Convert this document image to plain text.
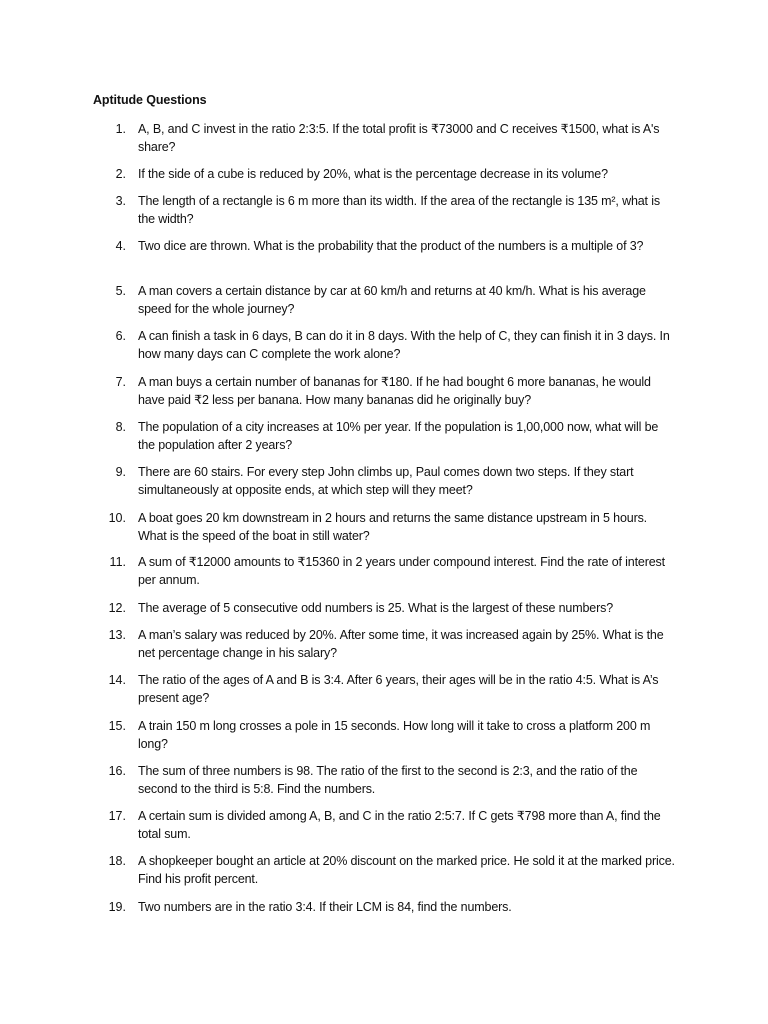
Aptitude Questions
1. A, B, and C invest in the ratio 2:3:5. If the total profit is ₹73000 and C receives ₹1500, what is A's share?
2. If the side of a cube is reduced by 20%, what is the percentage decrease in its volume?
3. The length of a rectangle is 6 m more than its width. If the area of the rectangle is 135 m², what is the width?
4. Two dice are thrown. What is the probability that the product of the numbers is a multiple of 3?
5. A man covers a certain distance by car at 60 km/h and returns at 40 km/h. What is his average speed for the whole journey?
6. A can finish a task in 6 days, B can do it in 8 days. With the help of C, they can finish it in 3 days. In how many days can C complete the work alone?
7. A man buys a certain number of bananas for ₹180. If he had bought 6 more bananas, he would have paid ₹2 less per banana. How many bananas did he originally buy?
8. The population of a city increases at 10% per year. If the population is 1,00,000 now, what will be the population after 2 years?
9. There are 60 stairs. For every step John climbs up, Paul comes down two steps. If they start simultaneously at opposite ends, at which step will they meet?
10. A boat goes 20 km downstream in 2 hours and returns the same distance upstream in 5 hours. What is the speed of the boat in still water?
11. A sum of ₹12000 amounts to ₹15360 in 2 years under compound interest. Find the rate of interest per annum.
12. The average of 5 consecutive odd numbers is 25. What is the largest of these numbers?
13. A man’s salary was reduced by 20%. After some time, it was increased again by 25%. What is the net percentage change in his salary?
14. The ratio of the ages of A and B is 3:4. After 6 years, their ages will be in the ratio 4:5. What is A’s present age?
15. A train 150 m long crosses a pole in 15 seconds. How long will it take to cross a platform 200 m long?
16. The sum of three numbers is 98. The ratio of the first to the second is 2:3, and the ratio of the second to the third is 5:8. Find the numbers.
17. A certain sum is divided among A, B, and C in the ratio 2:5:7. If C gets ₹798 more than A, find the total sum.
18. A shopkeeper bought an article at 20% discount on the marked price. He sold it at the marked price. Find his profit percent.
19. Two numbers are in the ratio 3:4. If their LCM is 84, find the numbers.
